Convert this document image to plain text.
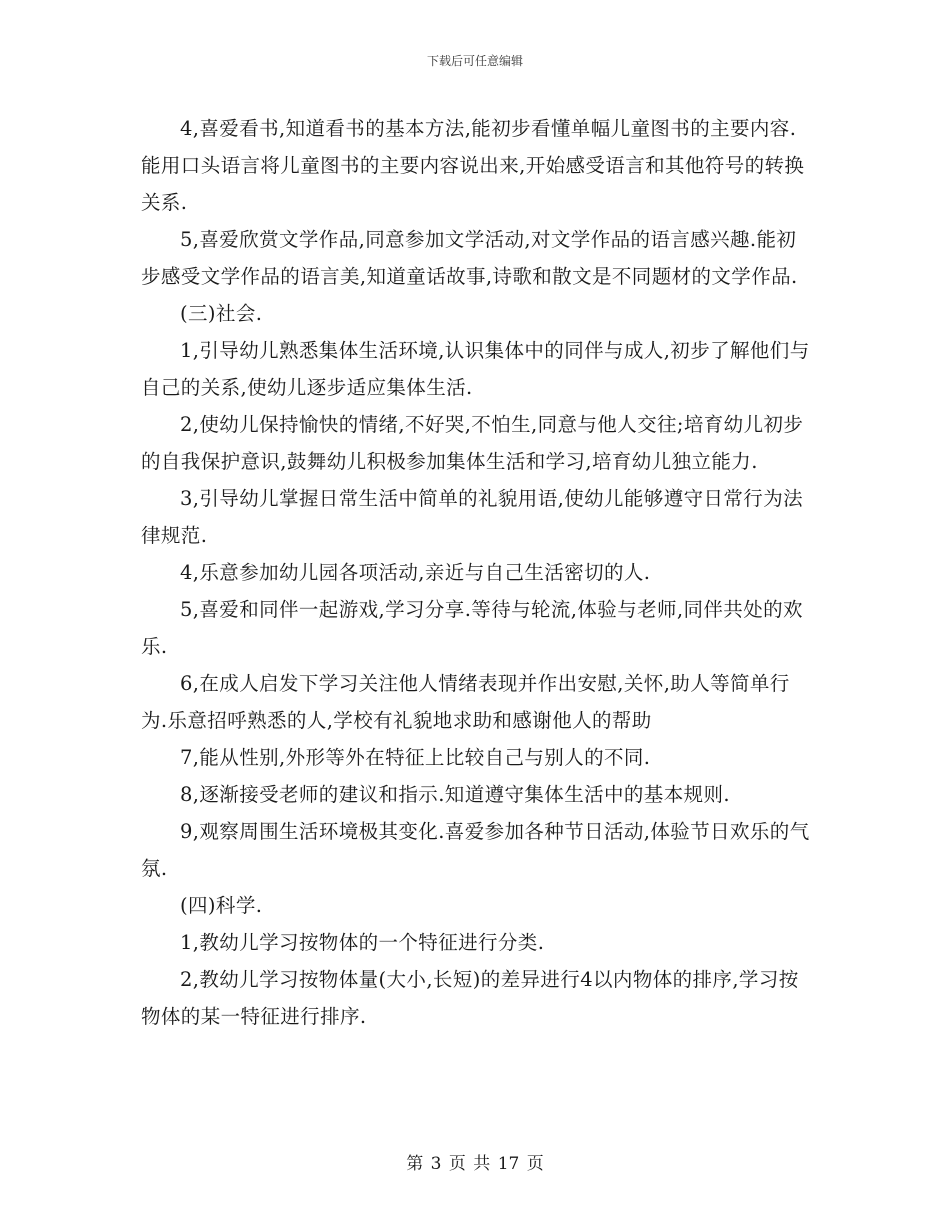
下载后可任意编辑

4,喜爱看书,知道看书的基本方法,能初步看懂单幅儿童图书的主要内容.能用口头语言将儿童图书的主要内容说出来,开始感受语言和其他符号的转换关系.

5,喜爱欣赏文学作品,同意参加文学活动,对文学作品的语言感兴趣.能初步感受文学作品的语言美,知道童话故事,诗歌和散文是不同题材的文学作品.

(三)社会.

1,引导幼儿熟悉集体生活环境,认识集体中的同伴与成人,初步了解他们与自己的关系,使幼儿逐步适应集体生活.

2,使幼儿保持愉快的情绪,不好哭,不怕生,同意与他人交往;培育幼儿初步的自我保护意识,鼓舞幼儿积极参加集体生活和学习,培育幼儿独立能力.

3,引导幼儿掌握日常生活中简单的礼貌用语,使幼儿能够遵守日常行为法律规范.

4,乐意参加幼儿园各项活动,亲近与自己生活密切的人.

5,喜爱和同伴一起游戏,学习分享.等待与轮流,体验与老师,同伴共处的欢乐.

6,在成人启发下学习关注他人情绪表现并作出安慰,关怀,助人等简单行为.乐意招呼熟悉的人,学校有礼貌地求助和感谢他人的帮助

7,能从性别,外形等外在特征上比较自己与别人的不同.

8,逐渐接受老师的建议和指示.知道遵守集体生活中的基本规则.

9,观察周围生活环境极其变化.喜爱参加各种节日活动,体验节日欢乐的气氛.

(四)科学.

1,教幼儿学习按物体的一个特征进行分类.

2,教幼儿学习按物体量(大小,长短)的差异进行4以内物体的排序,学习按物体的某一特征进行排序.

第 3 页 共 17 页
